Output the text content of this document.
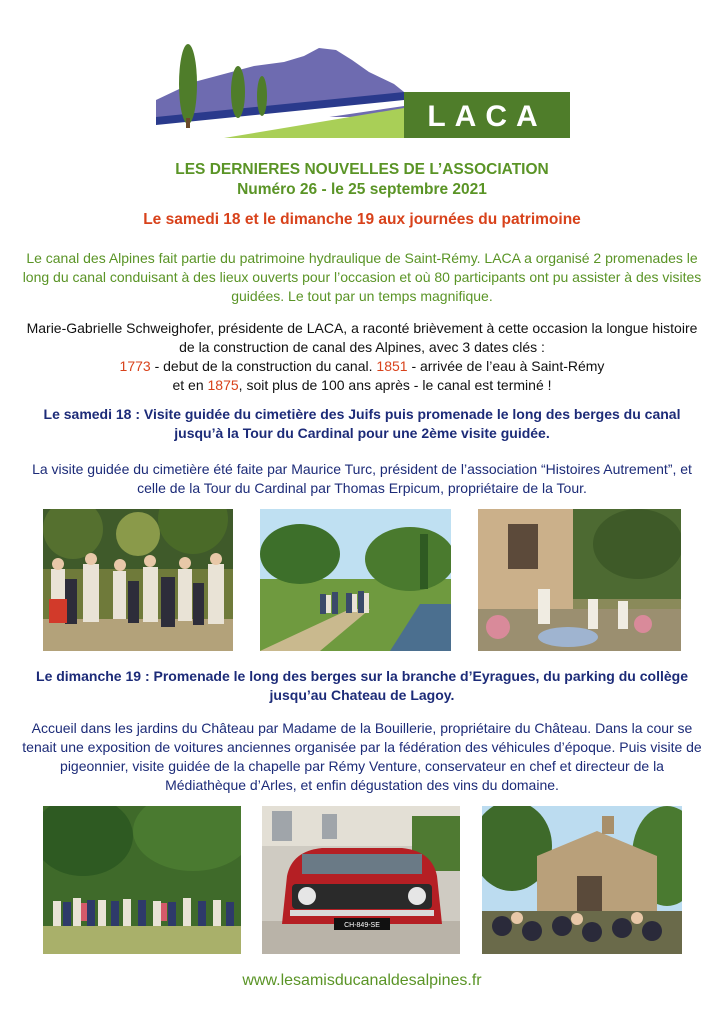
LACA
LES DERNIERES NOUVELLES DE L’ASSOCIATION
Numéro 26 - le 25 septembre 2021
Le samedi 18 et le dimanche 19 aux journées du patrimoine
Le canal des Alpines fait partie du patrimoine hydraulique de Saint-Rémy. LACA a organisé 2 promenades le long du canal conduisant à des lieux ouverts pour l’occasion et où 80 participants ont pu assister à des visites guidées. Le tout par un temps magnifique.
Marie-Gabrielle Schweighofer, présidente de LACA, a raconté brièvement à cette occasion la longue histoire de la construction de canal des Alpines, avec 3 dates clés :
1773 - debut de la construction du canal. 1851 - arrivée de l’eau à Saint-Rémy
et en 1875, soit plus de 100 ans après - le canal est terminé !
Le samedi 18 : Visite guidée du cimetière des Juifs puis promenade le long des berges du canal jusqu’à la Tour du Cardinal pour une 2ème visite guidée.
La visite guidée du cimetière été faite par Maurice Turc, président de l’association “Histoires Autrement”, et celle de la Tour du Cardinal par Thomas Erpicum, propriétaire de la Tour.
Le dimanche 19 : Promenade le long des berges sur la branche d’Eyragues, du parking du collège jusqu’au Chateau de Lagoy.
Accueil dans les jardins du Château par Madame de la Bouillerie, propriétaire du Château. Dans la cour se tenait une exposition de voitures anciennes organisée par la fédération des véhicules d’époque. Puis visite de pigeonnier, visite guidée de la chapelle par Rémy Venture, conservateur en chef et directeur de la Médiathèque d’Arles, et enfin dégustation des vins du domaine.
CH-849-SE
www.lesamisducanaldesalpines.fr
